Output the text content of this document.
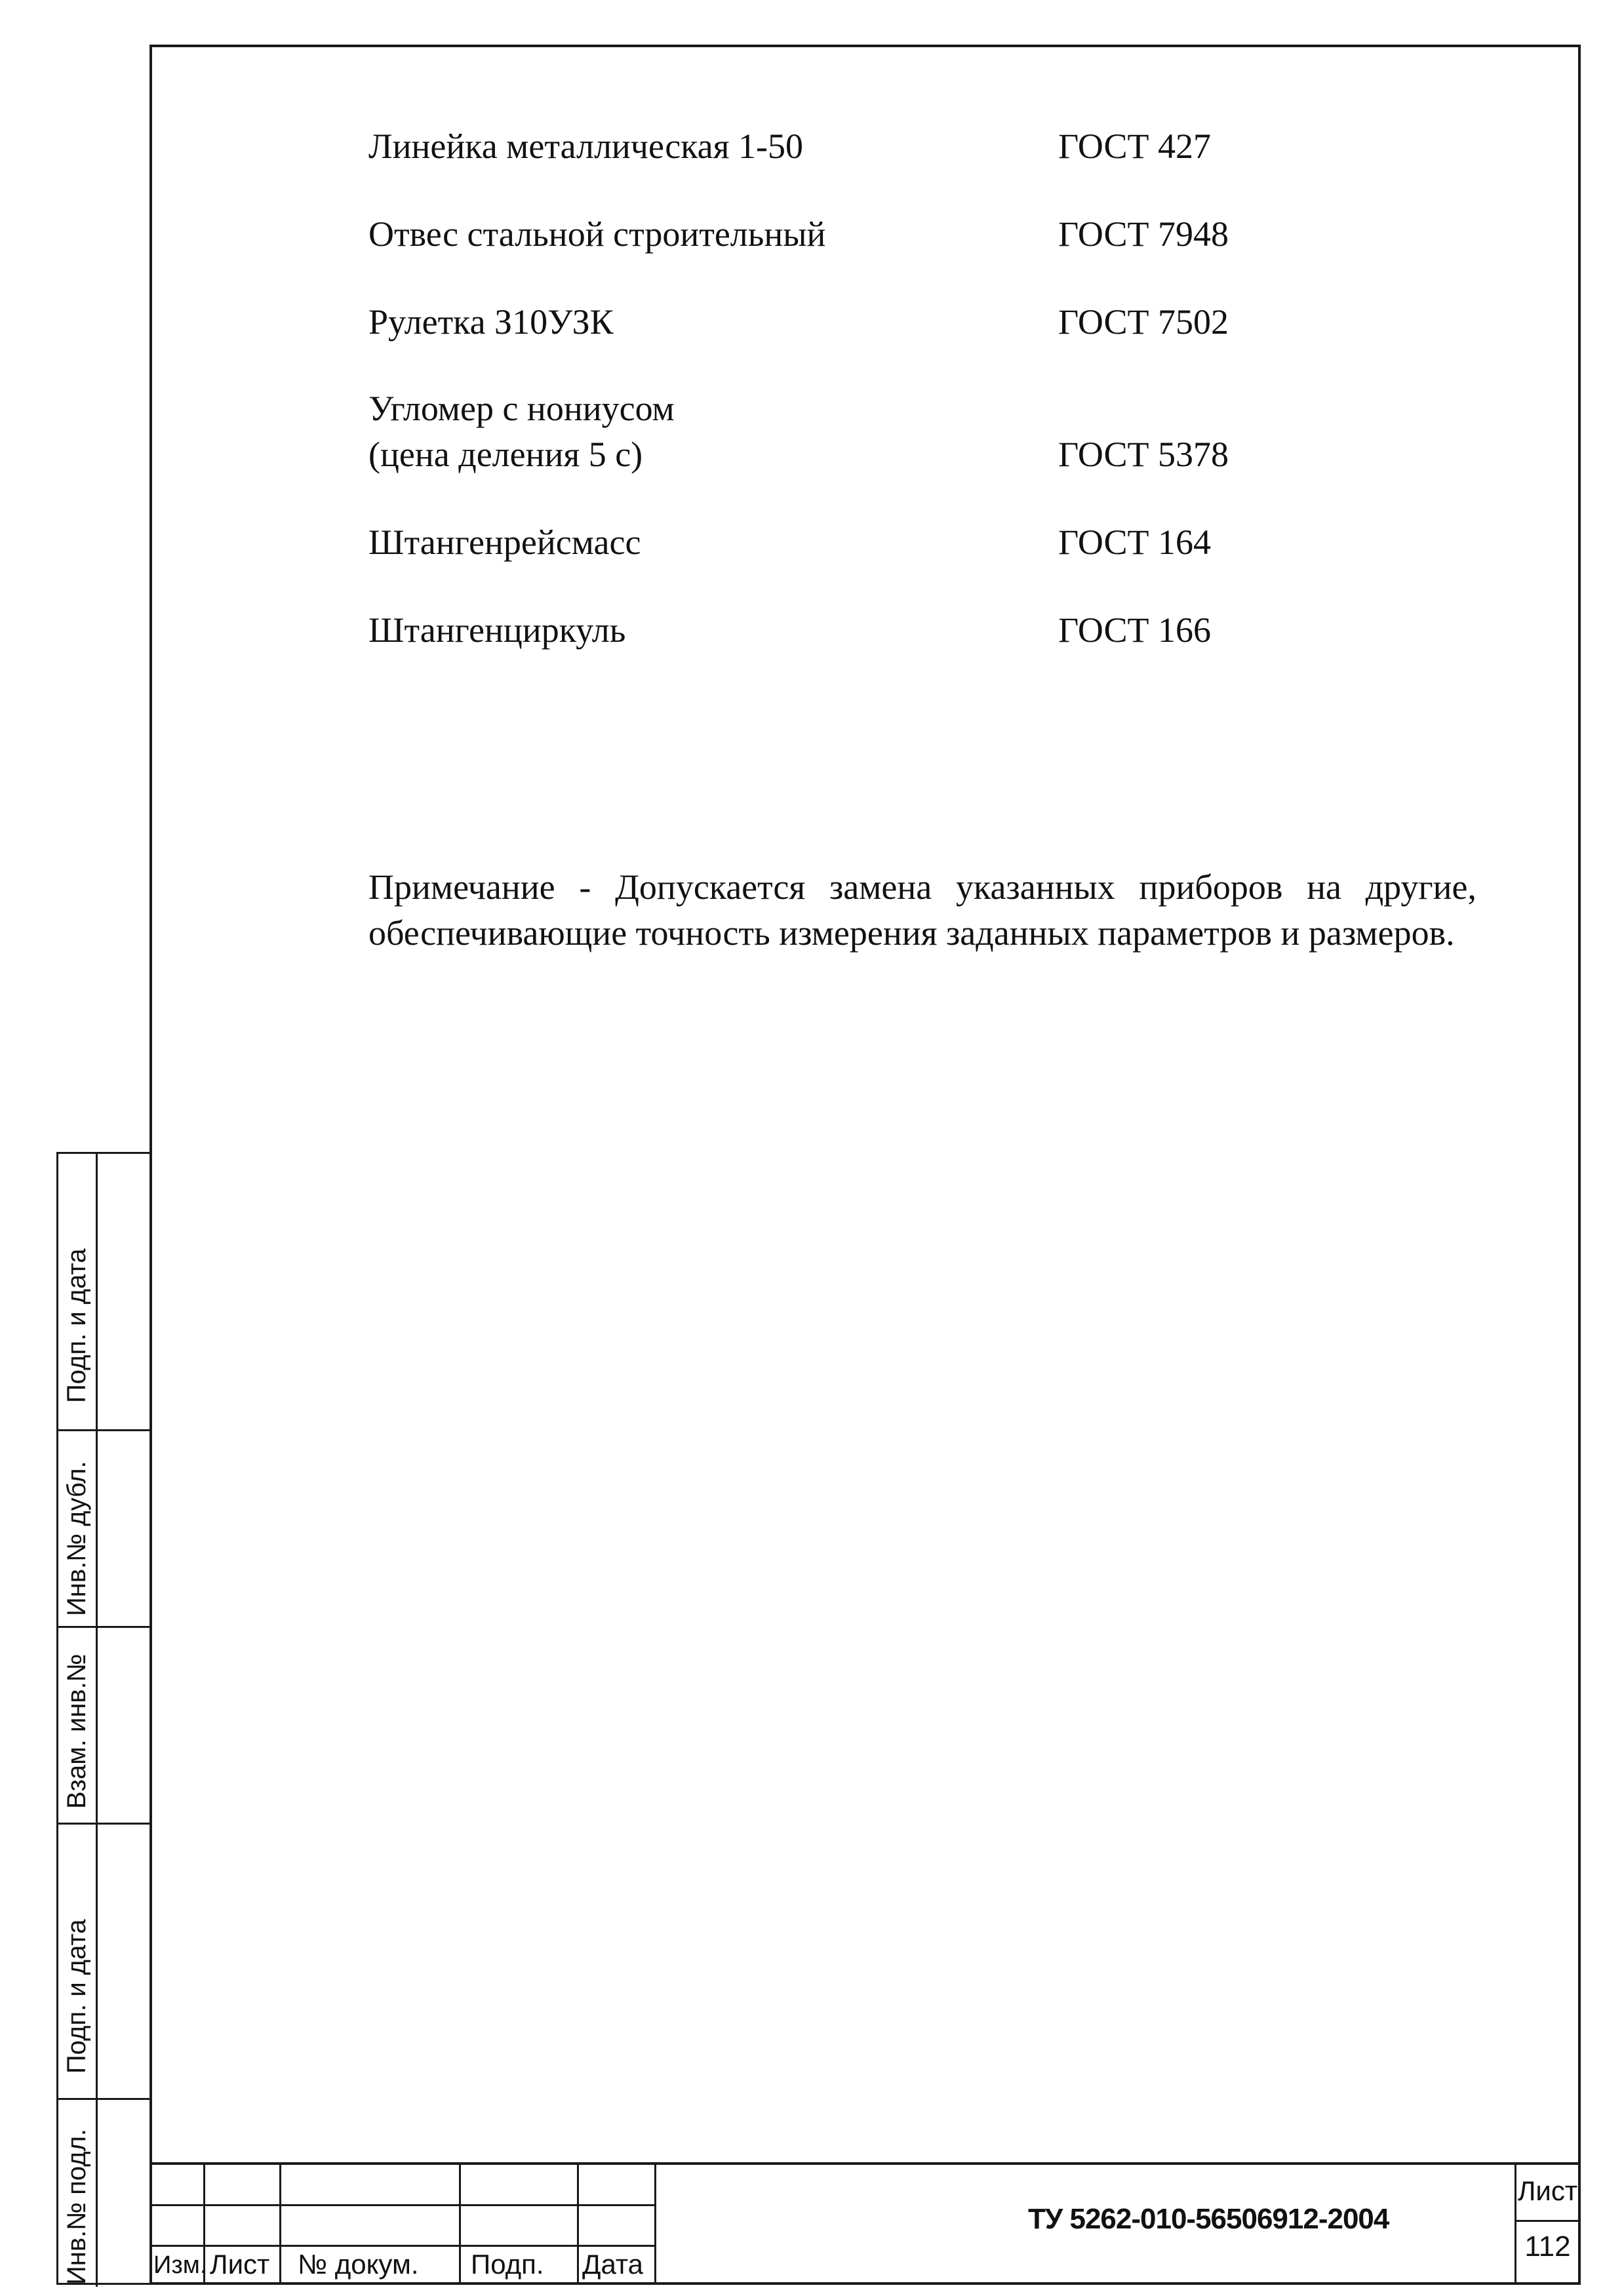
Линейка металлическая 1-50	ГОСТ 427
Отвес стальной строительный	ГОСТ 7948
Рулетка З10УЗК	ГОСТ 7502
Угломер с нониусом
(цена деления 5 с)	ГОСТ 5378
Штангенрейсмасс	ГОСТ 164
Штангенциркуль	ГОСТ 166
Примечание - Допускается замена указанных приборов на другие, обеспечивающие точность измерения заданных параметров и размеров.
Подп. и дата
Инв.№ дубл.
Взам. инв.№
Подп. и дата
Инв.№ подл.	Изм. Лист № докум. Подп. Дата
ТУ 5262-010-56506912-2004
Лист
112
